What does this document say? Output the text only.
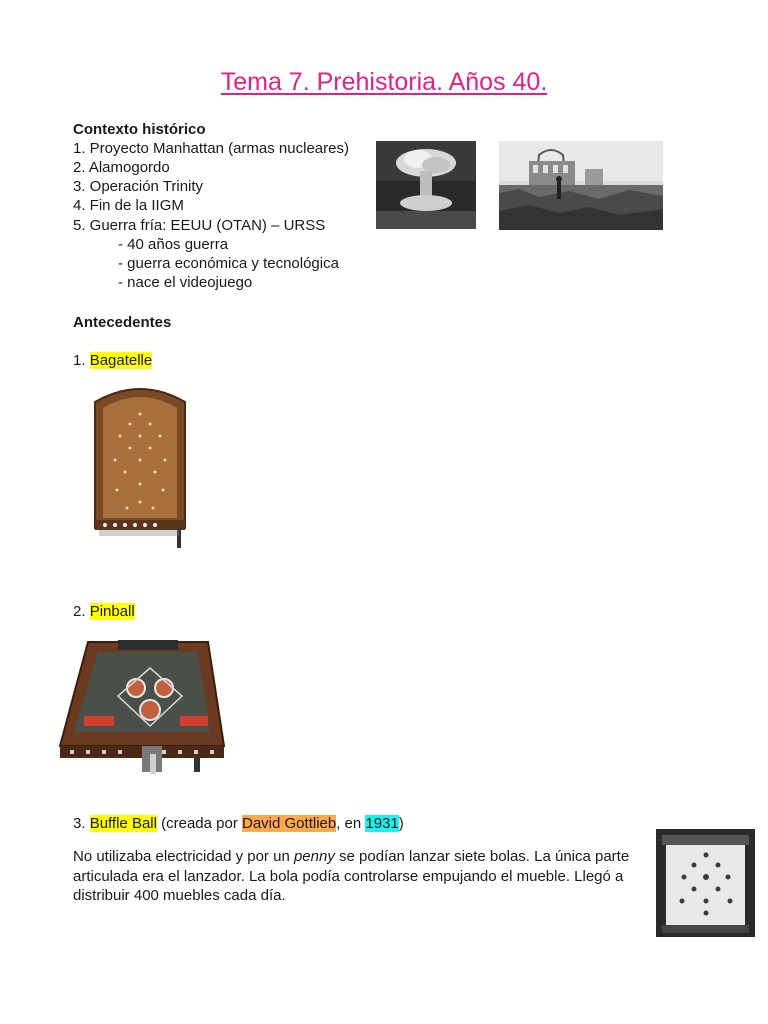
Tema 7. Prehistoria. Años 40.
Contexto histórico
1. Proyecto Manhattan (armas nucleares)
2. Alamogordo
3. Operación Trinity
4. Fin de la IIGM
5. Guerra fría: EEUU (OTAN) – URSS
- 40 años guerra
- guerra económica y tecnológica
- nace el videojuego
Antecedentes
1. Bagatelle
2. Pinball
3. Buffle Ball (creada por David Gottlieb, en 1931)
No utilizaba electricidad y por un penny se podían lanzar siete bolas. La única parte articulada era el lanzador. La bola podía controlarse empujando el mueble. Llegó a distribuir 400 muebles cada día.
